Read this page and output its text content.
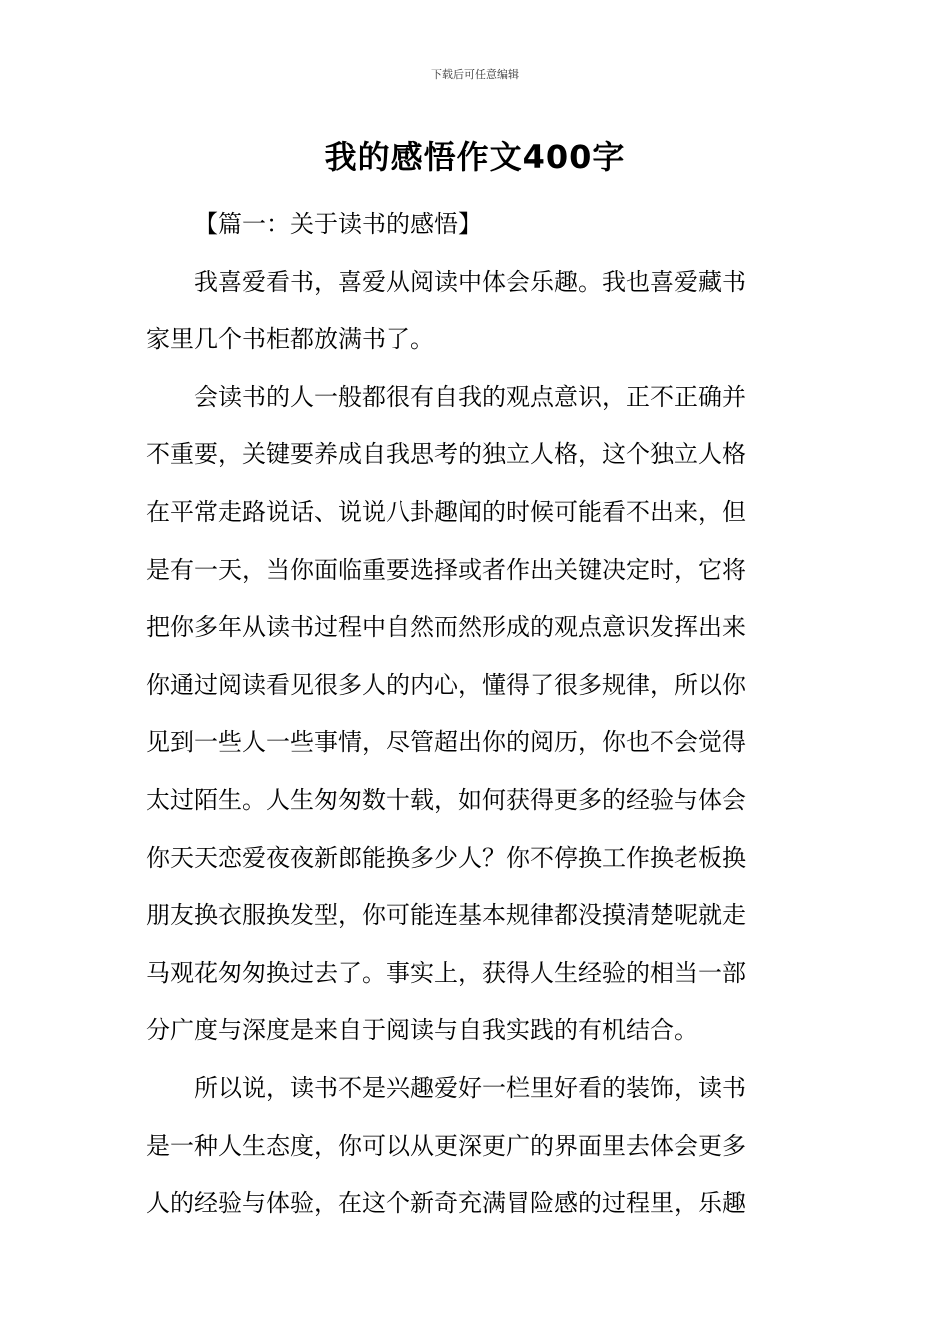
下载后可任意编辑
我的感悟作文400字
【篇一：关于读书的感悟】
我喜爱看书，喜爱从阅读中体会乐趣。我也喜爱藏书
家里几个书柜都放满书了。
会读书的人一般都很有自我的观点意识，正不正确并
不重要，关键要养成自我思考的独立人格，这个独立人格
在平常走路说话、说说八卦趣闻的时候可能看不出来，但
是有一天，当你面临重要选择或者作出关键决定时，它将
把你多年从读书过程中自然而然形成的观点意识发挥出来
你通过阅读看见很多人的内心，懂得了很多规律，所以你
见到一些人一些事情，尽管超出你的阅历，你也不会觉得
太过陌生。人生匆匆数十载，如何获得更多的经验与体会
你天天恋爱夜夜新郎能换多少人？你不停换工作换老板换
朋友换衣服换发型，你可能连基本规律都没摸清楚呢就走
马观花匆匆换过去了。事实上，获得人生经验的相当一部
分广度与深度是来自于阅读与自我实践的有机结合。
所以说，读书不是兴趣爱好一栏里好看的装饰，读书
是一种人生态度，你可以从更深更广的界面里去体会更多
人的经验与体验，在这个新奇充满冒险感的过程里，乐趣
